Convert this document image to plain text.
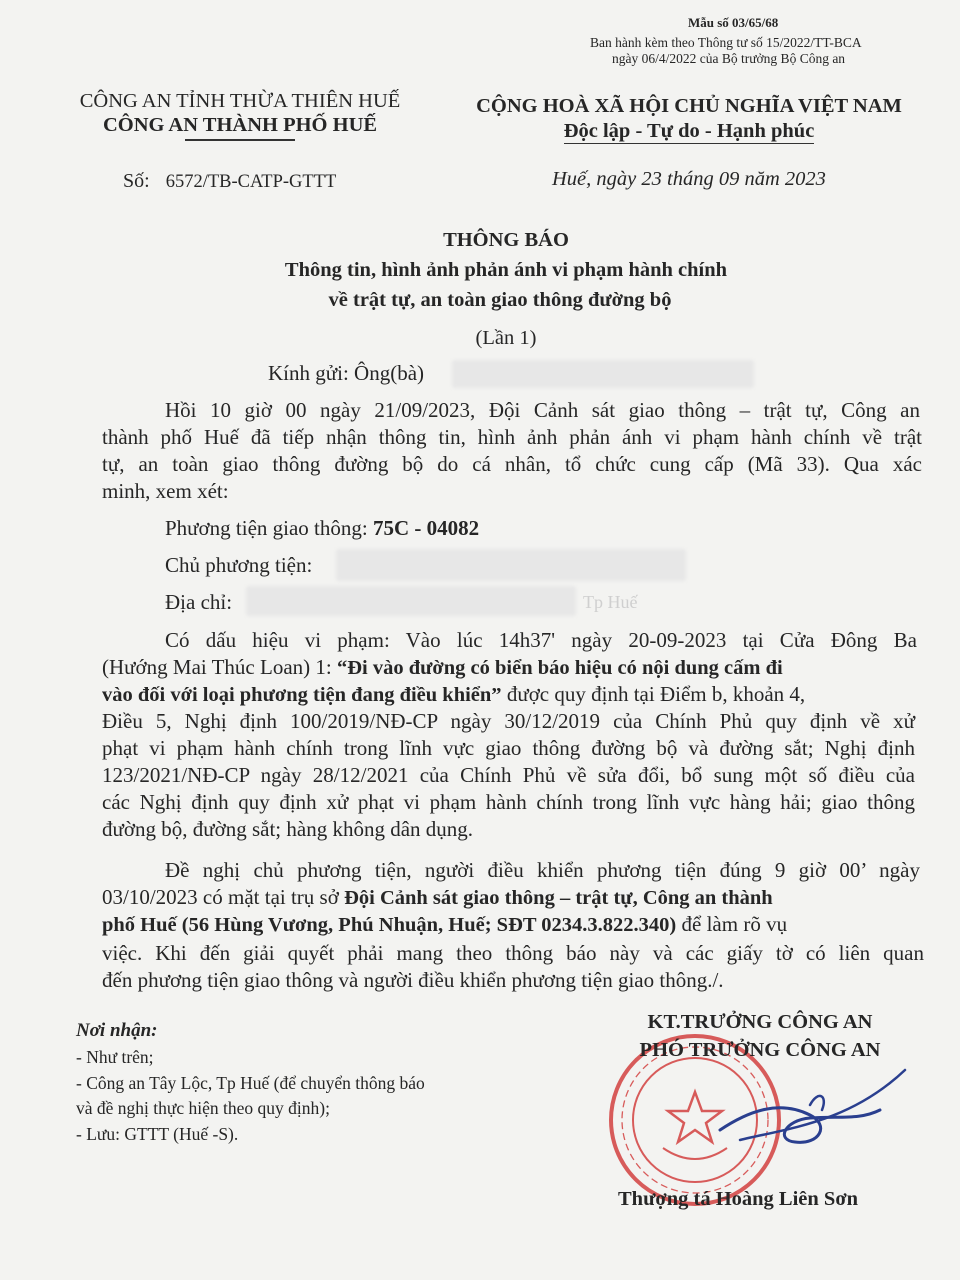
Mẫu số 03/65/68
Ban hành kèm theo Thông tư số 15/2022/TT-BCA
ngày 06/4/2022 của Bộ trưởng Bộ Công an
CÔNG AN TỈNH THỪA THIÊN HUẾ
CÔNG AN THÀNH PHỐ HUẾ
CỘNG HOÀ XÃ HỘI CHỦ NGHĨA VIỆT NAM
Độc lập - Tự do - Hạnh phúc
Số: 6572/TB-CATP-GTTT	Huế, ngày 23 tháng 09 năm 2023
THÔNG BÁO
Thông tin, hình ảnh phản ánh vi phạm hành chính
về trật tự, an toàn giao thông đường bộ
(Lần 1)
Kính gửi: Ông(bà)
Hồi 10 giờ 00 ngày 21/09/2023, Đội Cảnh sát giao thông – trật tự, Công an
thành phố Huế đã tiếp nhận thông tin, hình ảnh phản ánh vi phạm hành chính về trật
tự, an toàn giao thông đường bộ do cá nhân, tổ chức cung cấp (Mã 33). Qua xác
minh, xem xét:
Phương tiện giao thông: 75C - 04082
Chủ phương tiện:
Địa chỉ:	Tp Huế
Có dấu hiệu vi phạm: Vào lúc 14h37' ngày 20-09-2023 tại Cửa Đông Ba
(Hướng Mai Thúc Loan) 1: “Đi vào đường có biển báo hiệu có nội dung cấm đi
vào đối với loại phương tiện đang điều khiển” được quy định tại Điểm b, khoản 4,
Điều 5, Nghị định 100/2019/NĐ-CP ngày 30/12/2019 của Chính Phủ quy định về xử
phạt vi phạm hành chính trong lĩnh vực giao thông đường bộ và đường sắt; Nghị định
123/2021/NĐ-CP ngày 28/12/2021 của Chính Phủ về sửa đổi, bổ sung một số điều của
các Nghị định quy định xử phạt vi phạm hành chính trong lĩnh vực hàng hải; giao thông
đường bộ, đường sắt; hàng không dân dụng.
Đề nghị chủ phương tiện, người điều khiển phương tiện đúng 9 giờ 00’ ngày
03/10/2023 có mặt tại trụ sở Đội Cảnh sát giao thông – trật tự, Công an thành
phố Huế (56 Hùng Vương, Phú Nhuận, Huế; SĐT 0234.3.822.340) để làm rõ vụ
việc. Khi đến giải quyết phải mang theo thông báo này và các giấy tờ có liên quan
đến phương tiện giao thông và người điều khiển phương tiện giao thông./.
Nơi nhận:
- Như trên;
- Công an Tây Lộc, Tp Huế (để chuyển thông báo
và đề nghị thực hiện theo quy định);
- Lưu: GTTT (Huế -S).
KT.TRƯỞNG CÔNG AN
PHÓ TRƯỞNG CÔNG AN
Thượng tá Hoàng Liên Sơn
